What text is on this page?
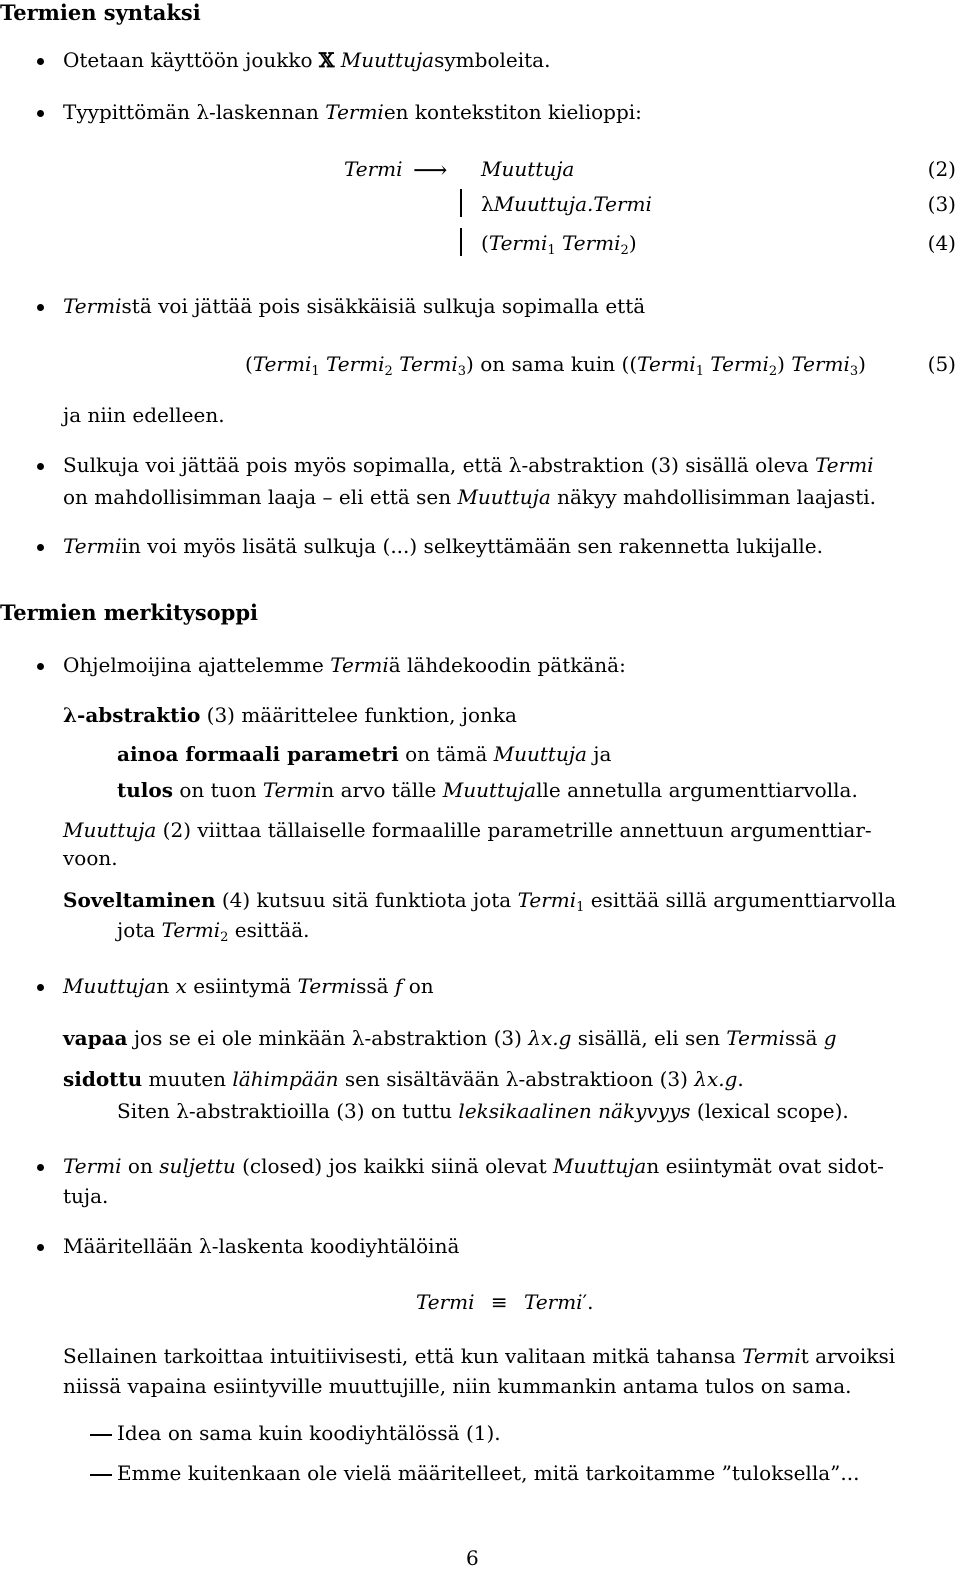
Termien syntaksi
Otetaan käyttöön joukko 𝕏 Muuttujasymboleita.
Tyypittömän λ-laskennan Termien kontekstiton kielioppi:
Termi ⟶ Muuttuja	(2)
λMuuttuja.Termi	(3)
(Termi$_1$ Termi$_2$)	(4)
Termistä voi jättää pois sisäkkäisiä sulkuja sopimalla että
(Termi$_1$ Termi$_2$ Termi$_3$) on sama kuin ((Termi$_1$ Termi$_2$) Termi$_3$)	(5)
ja niin edelleen.
Sulkuja voi jättää pois myös sopimalla, että λ-abstraktion (3) sisällä oleva Termi
on mahdollisimman laaja – eli että sen Muuttuja näkyy mahdollisimman laajasti.
Termiin voi myös lisätä sulkuja (...) selkeyttämään sen rakennetta lukijalle.
Termien merkitysoppi
Ohjelmoijina ajattelemme Termiä lähdekoodin pätkänä:
λ-abstraktio (3) määrittelee funktion, jonka
ainoa formaali parametri on tämä Muuttuja ja
tulos on tuon Termin arvo tälle Muuttujalle annetulla argumenttiarvolla.
Muuttuja (2) viittaa tällaiselle formaalille parametrille annettuun argumenttiar-
voon.
Soveltaminen (4) kutsuu sitä funktiota jota Termi$_1$ esittää sillä argumenttiarvolla
jota Termi$_2$ esittää.
Muuttujan x esiintymä Termissä f on
vapaa jos se ei ole minkään λ-abstraktion (3) λx.g sisällä, eli sen Termissä g
sidottu muuten lähimpään sen sisältävään λ-abstraktioon (3) λx.g.
Siten λ-abstraktioilla (3) on tuttu leksikaalinen näkyvyys (lexical scope).
Termi on suljettu (closed) jos kaikki siinä olevat Muuttujan esiintymät ovat sidot-
tuja.
Määritellään λ-laskenta koodiyhtälöinä
Termi ≡ Termi′.
Sellainen tarkoittaa intuitiivisesti, että kun valitaan mitkä tahansa Termit arvoiksi
niissä vapaina esiintyville muuttujille, niin kummankin antama tulos on sama.
Idea on sama kuin koodiyhtälössä (1).
Emme kuitenkaan ole vielä määritelleet, mitä tarkoitamme ”tuloksella”...
6
